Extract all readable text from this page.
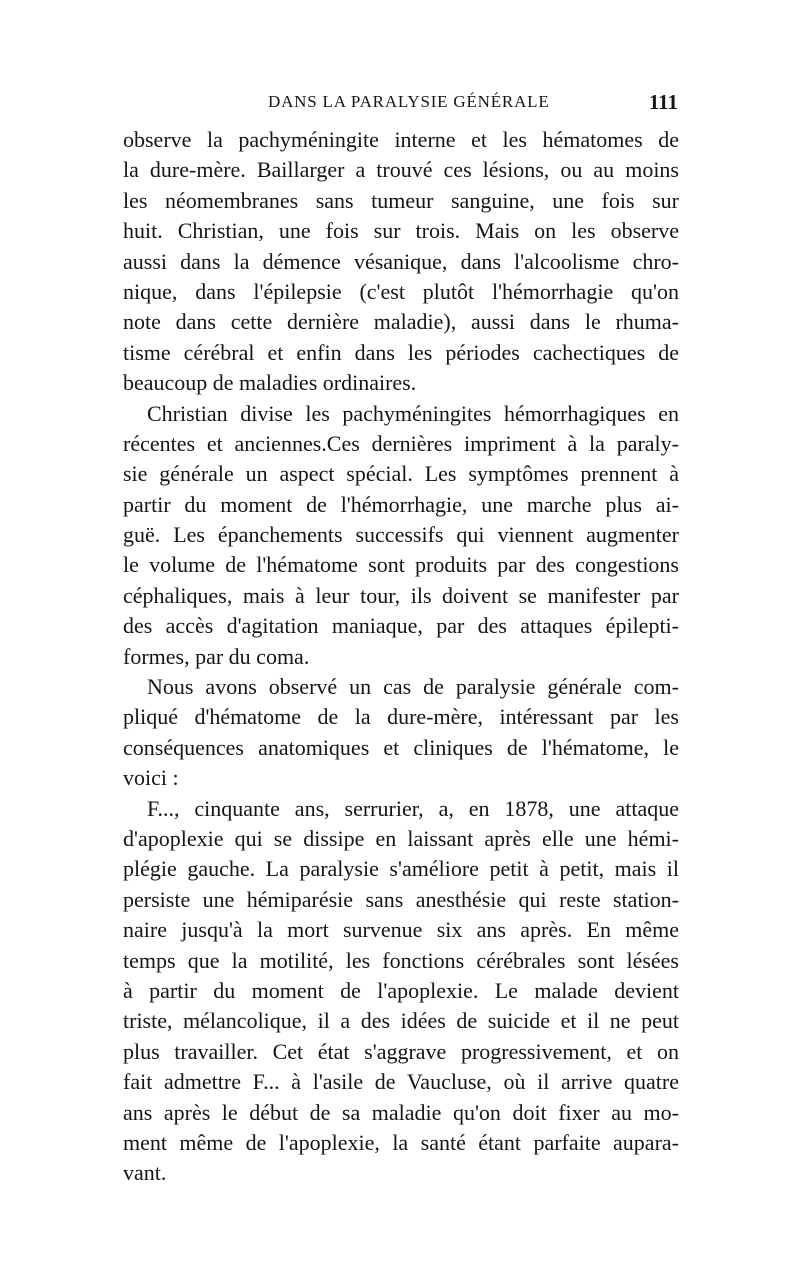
DANS LA PARALYSIE GÉNÉRALE	111
observe la pachyméningite interne et les hématomes de
la dure-mère. Baillarger a trouvé ces lésions, ou au moins
les néomembranes sans tumeur sanguine, une fois sur
huit. Christian, une fois sur trois. Mais on les observe
aussi dans la démence vésanique, dans l'alcoolisme chro-
nique, dans l'épilepsie (c'est plutôt l'hémorrhagie qu'on
note dans cette dernière maladie), aussi dans le rhuma-
tisme cérébral et enfin dans les périodes cachectiques de
beaucoup de maladies ordinaires.
Christian divise les pachyméningites hémorrhagiques en
récentes et anciennes.Ces dernières impriment à la paraly-
sie générale un aspect spécial. Les symptômes prennent à
partir du moment de l'hémorrhagie, une marche plus ai-
guë. Les épanchements successifs qui viennent augmenter
le volume de l'hématome sont produits par des congestions
céphaliques, mais à leur tour, ils doivent se manifester par
des accès d'agitation maniaque, par des attaques épilepti-
formes, par du coma.
Nous avons observé un cas de paralysie générale com-
pliqué d'hématome de la dure-mère, intéressant par les
conséquences anatomiques et cliniques de l'hématome, le
voici :
F..., cinquante ans, serrurier, a, en 1878, une attaque
d'apoplexie qui se dissipe en laissant après elle une hémi-
plégie gauche. La paralysie s'améliore petit à petit, mais il
persiste une hémiparésie sans anesthésie qui reste station-
naire jusqu'à la mort survenue six ans après. En même
temps que la motilité, les fonctions cérébrales sont lésées
à partir du moment de l'apoplexie. Le malade devient
triste, mélancolique, il a des idées de suicide et il ne peut
plus travailler. Cet état s'aggrave progressivement, et on
fait admettre F... à l'asile de Vaucluse, où il arrive quatre
ans après le début de sa maladie qu'on doit fixer au mo-
ment même de l'apoplexie, la santé étant parfaite aupara-
vant.
